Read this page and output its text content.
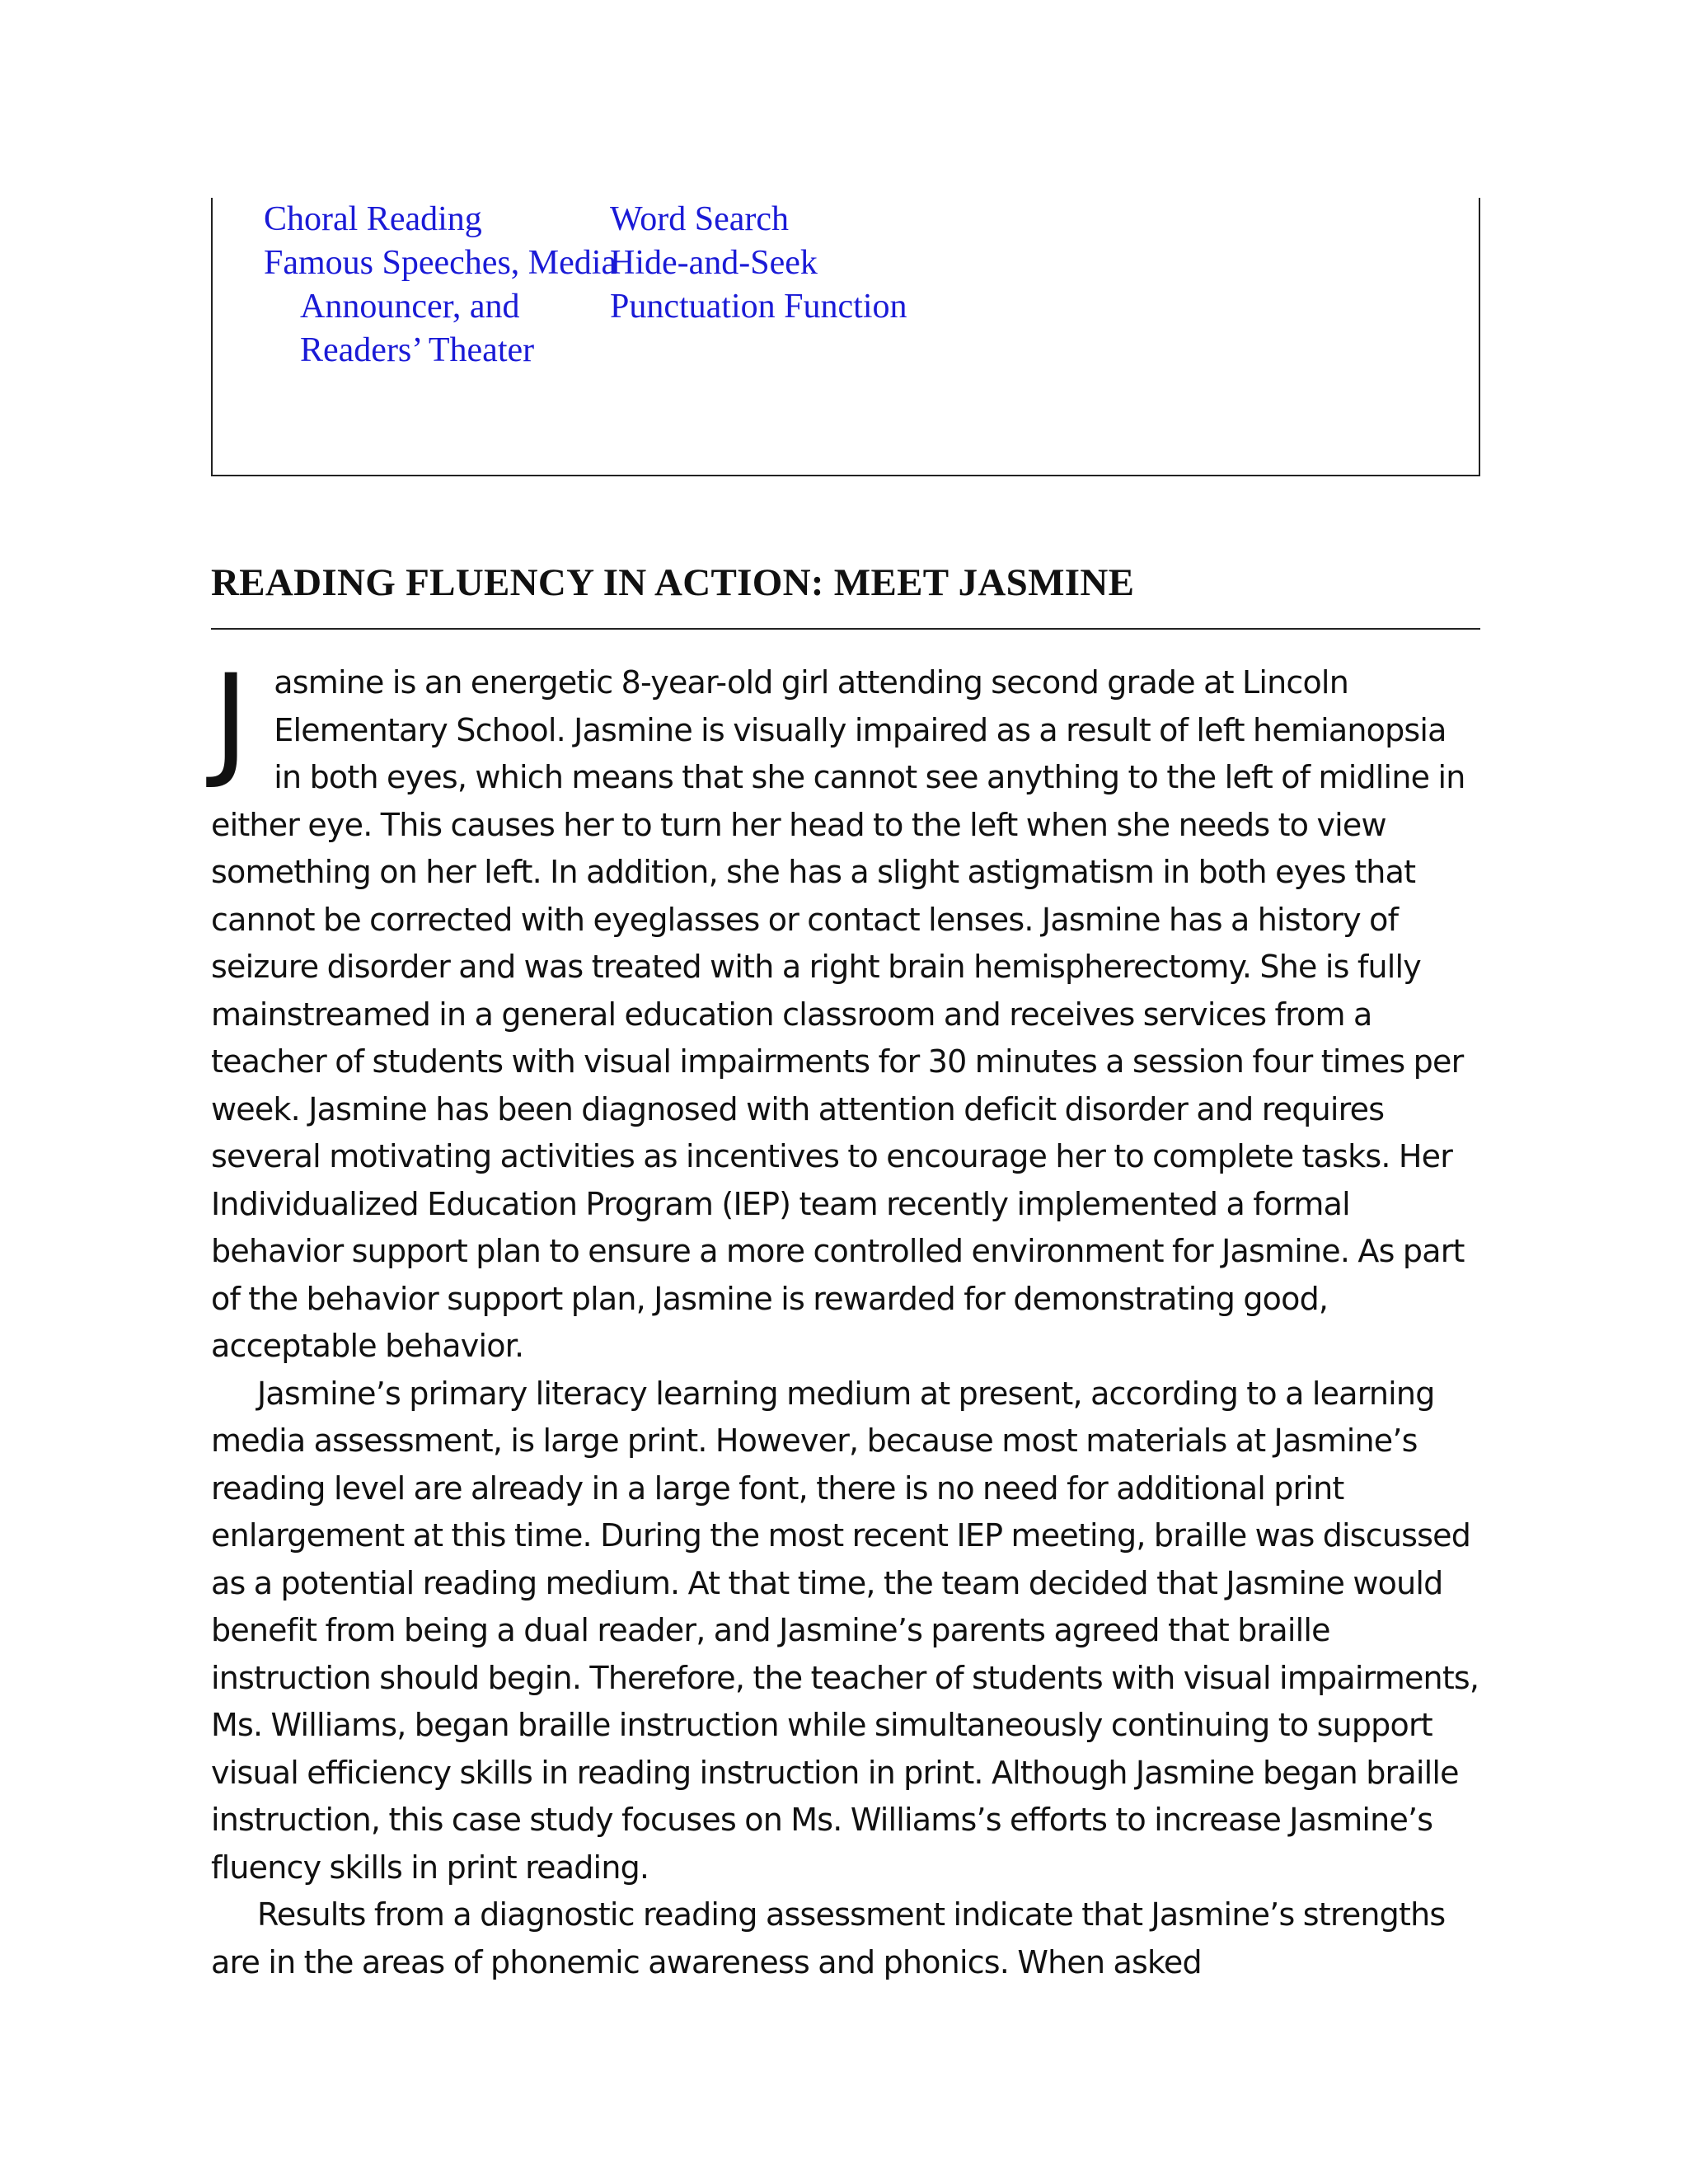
Choral Reading
Famous Speeches, Media Announcer, and Readers’ Theater
Word Search
Hide-and-Seek
Punctuation Function
READING FLUENCY IN ACTION: MEET JASMINE

Jasmine is an energetic 8-year-old girl attending second grade at Lincoln Elementary School. Jasmine is visually impaired as a result of left hemianopsia in both eyes, which means that she cannot see anything to the left of midline in either eye. This causes her to turn her head to the left when she needs to view something on her left. In addition, she has a slight astigmatism in both eyes that cannot be corrected with eyeglasses or contact lenses. Jasmine has a history of seizure disorder and was treated with a right brain hemispherectomy. She is fully mainstreamed in a general education classroom and receives services from a teacher of students with visual impairments for 30 minutes a session four times per week. Jasmine has been diagnosed with attention deficit disorder and requires several motivating activities as incentives to encourage her to complete tasks. Her Individualized Education Program (IEP) team recently implemented a formal behavior support plan to ensure a more controlled environment for Jasmine. As part of the behavior support plan, Jasmine is rewarded for demonstrating good, acceptable behavior.

Jasmine’s primary literacy learning medium at present, according to a learning media assessment, is large print. However, because most materials at Jasmine’s reading level are already in a large font, there is no need for additional print enlargement at this time. During the most recent IEP meeting, braille was discussed as a potential reading medium. At that time, the team decided that Jasmine would benefit from being a dual reader, and Jasmine’s parents agreed that braille instruction should begin. Therefore, the teacher of students with visual impairments, Ms. Williams, began braille instruction while simultaneously continuing to support visual efficiency skills in reading instruction in print. Although Jasmine began braille instruction, this case study focuses on Ms. Williams’s efforts to increase Jasmine’s fluency skills in print reading.

Results from a diagnostic reading assessment indicate that Jasmine’s strengths are in the areas of phonemic awareness and phonics. When asked
